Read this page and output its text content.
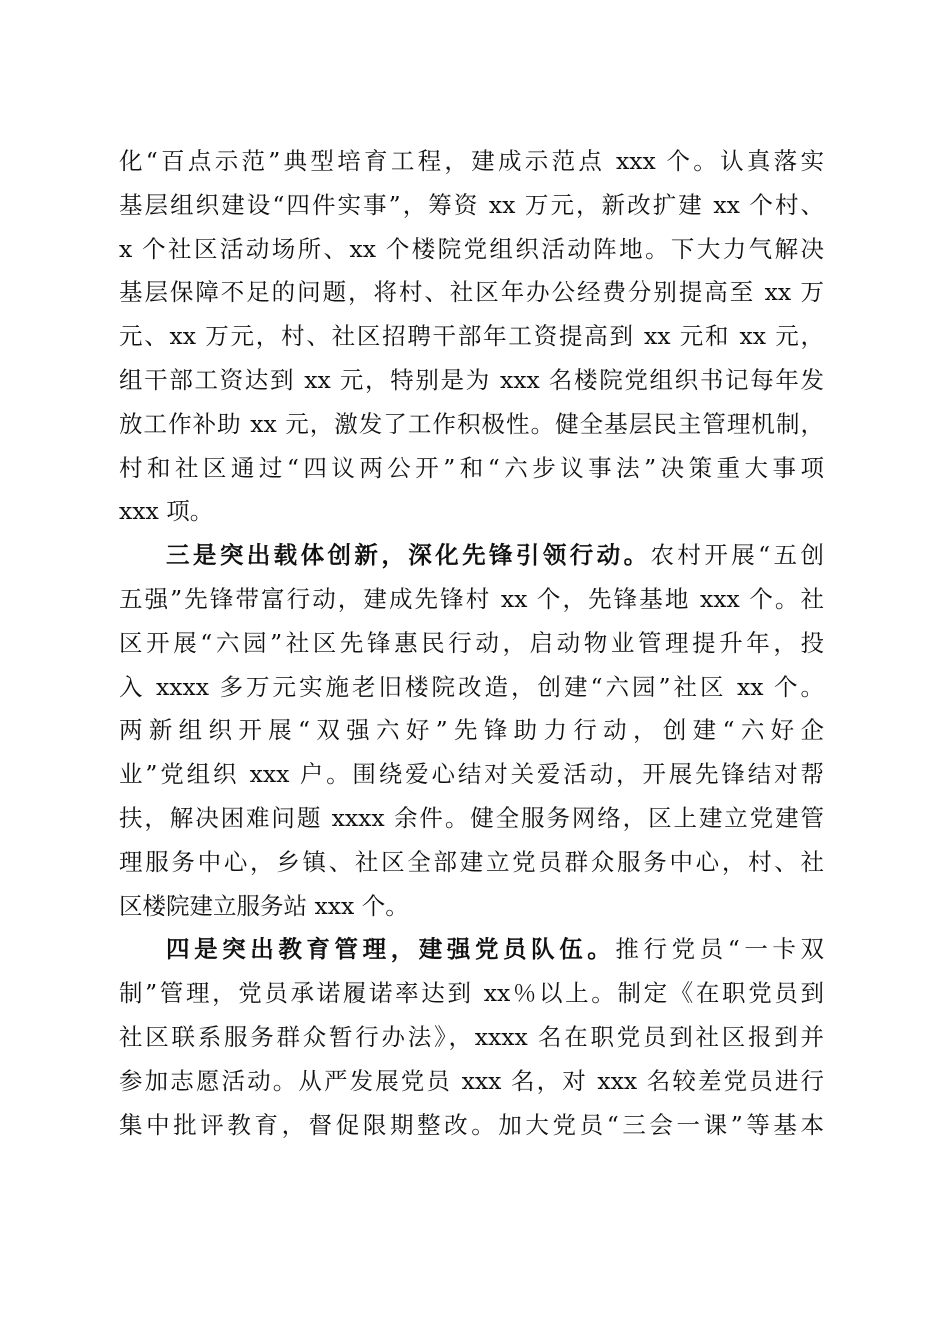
化“百点示范”典型培育工程，建成示范点 xxx 个。认真落实
基层组织建设“四件实事”，筹资 xx 万元，新改扩建 xx 个村、
x 个社区活动场所、xx 个楼院党组织活动阵地。下大力气解决
基层保障不足的问题，将村、社区年办公经费分别提高至 xx 万
元、xx 万元，村、社区招聘干部年工资提高到 xx 元和 xx 元，
组干部工资达到 xx 元，特别是为 xxx 名楼院党组织书记每年发
放工作补助 xx 元，激发了工作积极性。健全基层民主管理机制，
村和社区通过“四议两公开”和“六步议事法”决策重大事项
xxx 项。
三是突出载体创新，深化先锋引领行动。农村开展“五创
五强”先锋带富行动，建成先锋村 xx 个，先锋基地 xxx 个。社
区开展“六园”社区先锋惠民行动，启动物业管理提升年，投
入 xxxx 多万元实施老旧楼院改造，创建“六园”社区 xx 个。
两新组织开展“双强六好”先锋助力行动，创建“六好企
业”党组织 xxx 户。围绕爱心结对关爱活动，开展先锋结对帮
扶，解决困难问题 xxxx 余件。健全服务网络，区上建立党建管
理服务中心，乡镇、社区全部建立党员群众服务中心，村、社
区楼院建立服务站 xxx 个。
四是突出教育管理，建强党员队伍。推行党员“一卡双
制”管理，党员承诺履诺率达到 xx％以上。制定《在职党员到
社区联系服务群众暂行办法》，xxxx 名在职党员到社区报到并
参加志愿活动。从严发展党员 xxx 名，对 xxx 名较差党员进行
集中批评教育，督促限期整改。加大党员“三会一课”等基本
